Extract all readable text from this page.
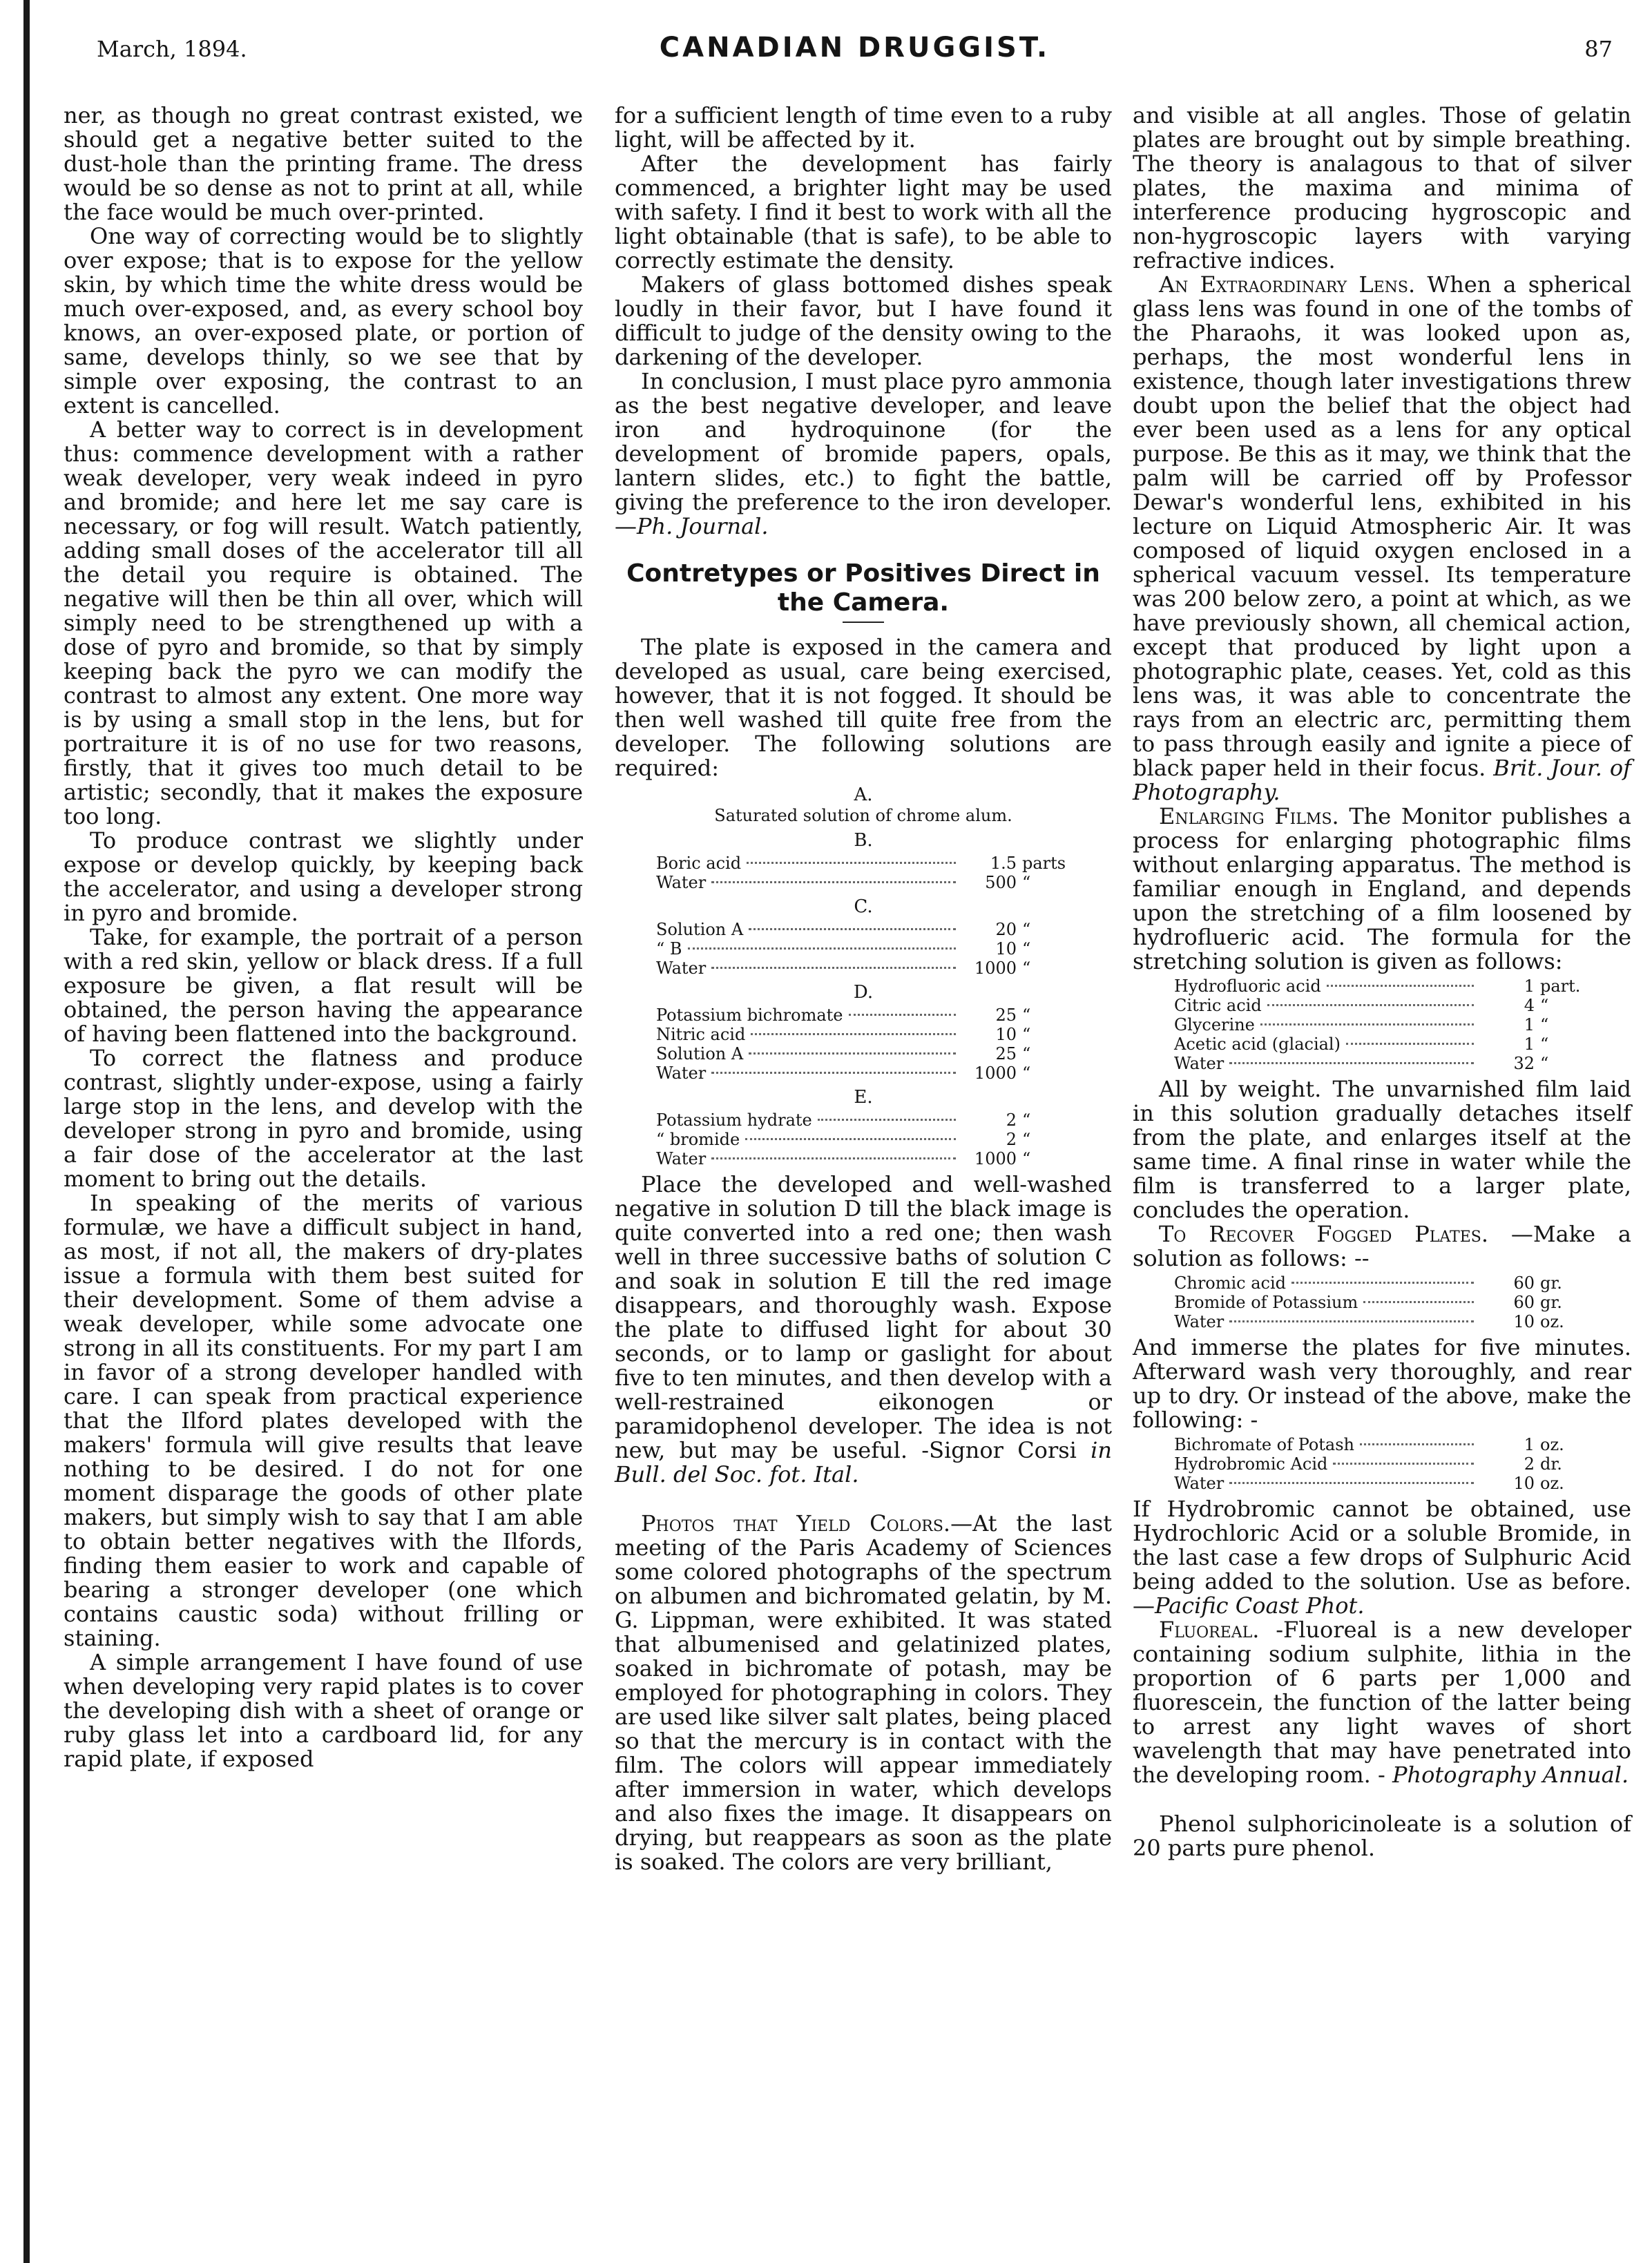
March, 1894.	CANADIAN DRUGGIST.	87

ner, as though no great contrast existed, we should get a negative better suited to the dust-hole than the printing frame. The dress would be so dense as not to print at all, while the face would be much over-printed.

One way of correcting would be to slightly over expose; that is to expose for the yellow skin, by which time the white dress would be much over-exposed, and, as every school boy knows, an over-exposed plate, or portion of same, develops thinly, so we see that by simple over exposing, the contrast to an extent is cancelled.

A better way to correct is in development thus: commence development with a rather weak developer, very weak indeed in pyro and bromide; and here let me say care is necessary, or fog will result. Watch patiently, adding small doses of the accelerator till all the detail you require is obtained. The negative will then be thin all over, which will simply need to be strengthened up with a dose of pyro and bromide, so that by simply keeping back the pyro we can modify the contrast to almost any extent. One more way is by using a small stop in the lens, but for portraiture it is of no use for two reasons, firstly, that it gives too much detail to be artistic; secondly, that it makes the exposure too long.

To produce contrast we slightly under expose or develop quickly, by keeping back the accelerator, and using a developer strong in pyro and bromide.

Take, for example, the portrait of a person with a red skin, yellow or black dress. If a full exposure be given, a flat result will be obtained, the person having the appearance of having been flattened into the background.

To correct the flatness and produce contrast, slightly under-expose, using a fairly large stop in the lens, and develop with the developer strong in pyro and bromide, using a fair dose of the accelerator at the last moment to bring out the details.

In speaking of the merits of various formulæ, we have a difficult subject in hand, as most, if not all, the makers of dry-plates issue a formula with them best suited for their development. Some of them advise a weak developer, while some advocate one strong in all its constituents. For my part I am in favor of a strong developer handled with care. I can speak from practical experience that the Ilford plates developed with the makers' formula will give results that leave nothing to be desired. I do not for one moment disparage the goods of other plate makers, but simply wish to say that I am able to obtain better negatives with the Ilfords, finding them easier to work and capable of bearing a stronger developer (one which contains caustic soda) without frilling or staining.

A simple arrangement I have found of use when developing very rapid plates is to cover the developing dish with a sheet of orange or ruby glass let into a cardboard lid, for any rapid plate, if exposed

for a sufficient length of time even to a ruby light, will be affected by it.

After the development has fairly commenced, a brighter light may be used with safety. I find it best to work with all the light obtainable (that is safe), to be able to correctly estimate the density.

Makers of glass bottomed dishes speak loudly in their favor, but I have found it difficult to judge of the density owing to the darkening of the developer.

In conclusion, I must place pyro ammonia as the best negative developer, and leave iron and hydroquinone (for the development of bromide papers, opals, lantern slides, etc.) to fight the battle, giving the preference to the iron developer.—Ph. Journal.

Contretypes or Positives Direct in the Camera.

The plate is exposed in the camera and developed as usual, care being exercised, however, that it is not fogged. It should be then well washed till quite free from the developer. The following solutions are required:

A.
Saturated solution of chrome alum.
B.
Boric acid	1.5 parts
Water	500 “
C.
Solution A	20 “
“ B	10 “
Water	1000 “
D.
Potassium bichromate	25 “
Nitric acid	10 “
Solution A	25 “
Water	1000 “
E.
Potassium hydrate	2 “
“ bromide	2 “
Water	1000 “

Place the developed and well-washed negative in solution D till the black image is quite converted into a red one; then wash well in three successive baths of solution C and soak in solution E till the red image disappears, and thoroughly wash. Expose the plate to diffused light for about 30 seconds, or to lamp or gaslight for about five to ten minutes, and then develop with a well-restrained eikonogen or paramidophenol developer. The idea is not new, but may be useful. -Signor Corsi in Bull. del Soc. fot. Ital.

Photos that Yield Colors.—At the last meeting of the Paris Academy of Sciences some colored photographs of the spectrum on albumen and bichromated gelatin, by M. G. Lippman, were exhibited. It was stated that albumenised and gelatinized plates, soaked in bichromate of potash, may be employed for photographing in colors. They are used like silver salt plates, being placed so that the mercury is in contact with the film. The colors will appear immediately after immersion in water, which develops and also fixes the image. It disappears on drying, but reappears as soon as the plate is soaked. The colors are very brilliant,

and visible at all angles. Those of gelatin plates are brought out by simple breathing. The theory is analagous to that of silver plates, the maxima and minima of interference producing hygroscopic and non-hygroscopic layers with varying refractive indices.

An Extraordinary Lens. When a spherical glass lens was found in one of the tombs of the Pharaohs, it was looked upon as, perhaps, the most wonderful lens in existence, though later investigations threw doubt upon the belief that the object had ever been used as a lens for any optical purpose. Be this as it may, we think that the palm will be carried off by Professor Dewar's wonderful lens, exhibited in his lecture on Liquid Atmospheric Air. It was composed of liquid oxygen enclosed in a spherical vacuum vessel. Its temperature was 200 below zero, a point at which, as we have previously shown, all chemical action, except that produced by light upon a photographic plate, ceases. Yet, cold as this lens was, it was able to concentrate the rays from an electric arc, permitting them to pass through easily and ignite a piece of black paper held in their focus. Brit. Jour. of Photography.

Enlarging Films. The Monitor publishes a process for enlarging photographic films without enlarging apparatus. The method is familiar enough in England, and depends upon the stretching of a film loosened by hydroflueric acid. The formula for the stretching solution is given as follows:

Hydrofluoric acid	1 part.
Citric acid	4 “
Glycerine	1 “
Acetic acid (glacial)	1 “
Water	32 “

All by weight. The unvarnished film laid in this solution gradually detaches itself from the plate, and enlarges itself at the same time. A final rinse in water while the film is transferred to a larger plate, concludes the operation.

To Recover Fogged Plates. —Make a solution as follows: --

Chromic acid	60 gr.
Bromide of Potassium	60 gr.
Water	10 oz.

And immerse the plates for five minutes. Afterward wash very thoroughly, and rear up to dry. Or instead of the above, make the following: -

Bichromate of Potash	1 oz.
Hydrobromic Acid	2 dr.
Water	10 oz.

If Hydrobromic cannot be obtained, use Hydrochloric Acid or a soluble Bromide, in the last case a few drops of Sulphuric Acid being added to the solution. Use as before.—Pacific Coast Phot.

Fluoreal. -Fluoreal is a new developer containing sodium sulphite, lithia in the proportion of 6 parts per 1,000 and fluorescein, the function of the latter being to arrest any light waves of short wavelength that may have penetrated into the developing room. - Photography Annual.

Phenol sulphoricinoleate is a solution of 20 parts pure phenol.
